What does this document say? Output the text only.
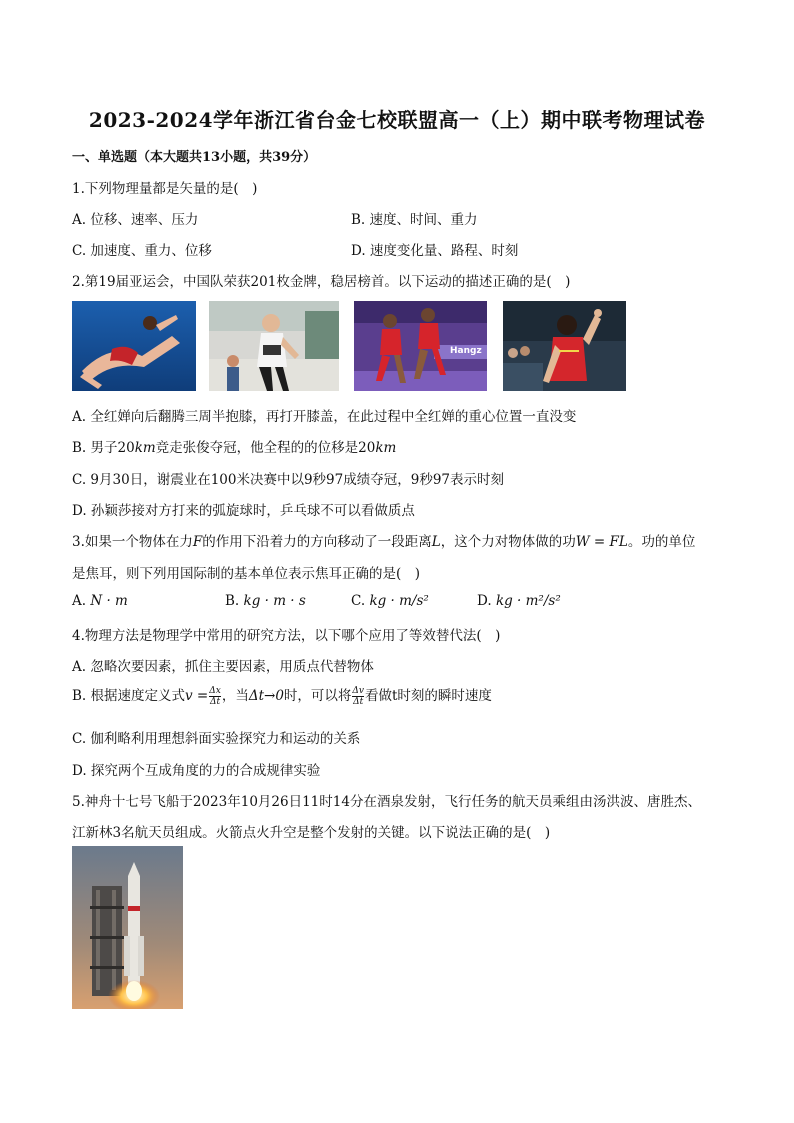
2023-2024学年浙江省台金七校联盟高一（上）期中联考物理试卷
一、单选题（本大题共13小题，共39分）
1.下列物理量都是矢量的是(　)
A. 位移、速率、压力	B. 速度、时间、重力
C. 加速度、重力、位移	D. 速度变化量、路程、时刻
2.第19届亚运会，中国队荣获201枚金牌，稳居榜首。以下运动的描述正确的是(　)
Hangz
A. 全红婵向后翻腾三周半抱膝，再打开膝盖，在此过程中全红婵的重心位置一直没变
B. 男子20km竞走张俊夺冠，他全程的的位移是20km
C. 9月30日，谢震业在100米决赛中以9秒97成绩夺冠，9秒97表示时刻
D. 孙颖莎接对方打来的弧旋球时，乒乓球不可以看做质点
3.如果一个物体在力F的作用下沿着力的方向移动了一段距离L，这个力对物体做的功W = FL。功的单位
是焦耳，则下列用国际制的基本单位表示焦耳正确的是(　)
A. N · m	B. kg · m · s	C. kg · m/s²	D. kg · m²/s²
4.物理方法是物理学中常用的研究方法，以下哪个应用了等效替代法(　)
A. 忽略次要因素，抓住主要因素，用质点代替物体
B. 根据速度定义式$v = \frac{\Delta x}{\Delta t}$ ，当Δt→0时，可以将 $\frac{\Delta v}{\Delta t}$ 看做t时刻的瞬时速度
C. 伽利略利用理想斜面实验探究力和运动的关系
D. 探究两个互成角度的力的合成规律实验
5.神舟十七号飞船于2023年10月26日11时14分在酒泉发射，飞行任务的航天员乘组由汤洪波、唐胜杰、
江新林3名航天员组成。火箭点火升空是整个发射的关键。以下说法正确的是(　)
